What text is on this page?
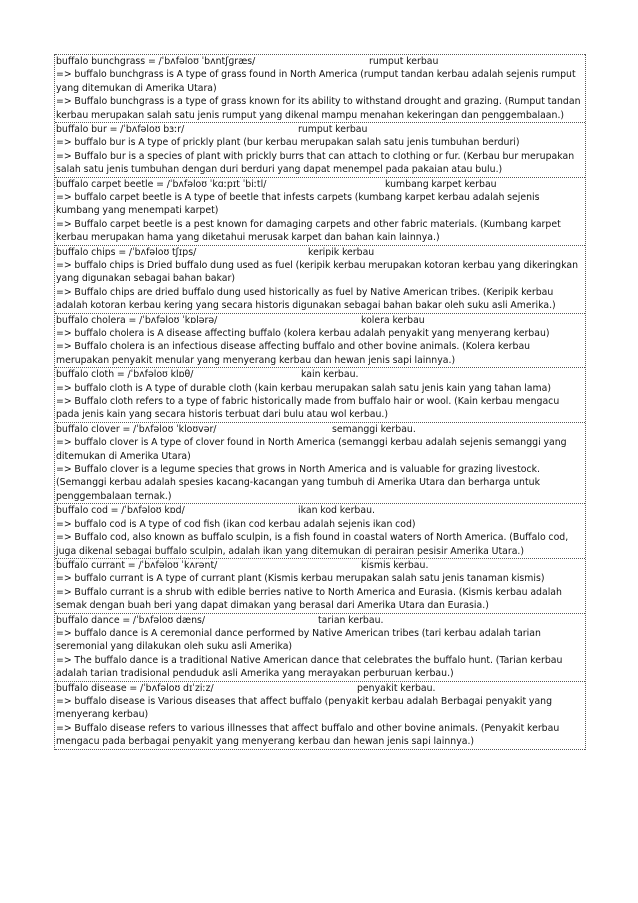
buffalo bunchgrass = /ˈbʌfəloʊ ˈbʌntʃɡræs/	rumput kerbau
=> buffalo bunchgrass is A type of grass found in North America (rumput tandan kerbau adalah sejenis rumput yang ditemukan di Amerika Utara)
=> Buffalo bunchgrass is a type of grass known for its ability to withstand drought and grazing. (Rumput tandan kerbau merupakan salah satu jenis rumput yang dikenal mampu menahan kekeringan dan penggembalaan.)
buffalo bur = /ˈbʌfəloʊ bɜːr/	rumput kerbau
=> buffalo bur is A type of prickly plant (bur kerbau merupakan salah satu jenis tumbuhan berduri)
=> Buffalo bur is a species of plant with prickly burrs that can attach to clothing or fur. (Kerbau bur merupakan salah satu jenis tumbuhan dengan duri berduri yang dapat menempel pada pakaian atau bulu.)
buffalo carpet beetle = /ˈbʌfəloʊ ˈkɑːpɪt ˈbiːtl/	kumbang karpet kerbau
=> buffalo carpet beetle is A type of beetle that infests carpets (kumbang karpet kerbau adalah sejenis kumbang yang menempati karpet)
=> Buffalo carpet beetle is a pest known for damaging carpets and other fabric materials. (Kumbang karpet kerbau merupakan hama yang diketahui merusak karpet dan bahan kain lainnya.)
buffalo chips = /ˈbʌfəloʊ tʃɪps/	keripik kerbau
=> buffalo chips is Dried buffalo dung used as fuel (keripik kerbau merupakan kotoran kerbau yang dikeringkan yang digunakan sebagai bahan bakar)
=> Buffalo chips are dried buffalo dung used historically as fuel by Native American tribes. (Keripik kerbau adalah kotoran kerbau kering yang secara historis digunakan sebagai bahan bakar oleh suku asli Amerika.)
buffalo cholera = /ˈbʌfəloʊ ˈkɒlərə/	kolera kerbau
=> buffalo cholera is A disease affecting buffalo (kolera kerbau adalah penyakit yang menyerang kerbau)
=> Buffalo cholera is an infectious disease affecting buffalo and other bovine animals. (Kolera kerbau merupakan penyakit menular yang menyerang kerbau dan hewan jenis sapi lainnya.)
buffalo cloth = /ˈbʌfəloʊ klɒθ/	kain kerbau.
=> buffalo cloth is A type of durable cloth (kain kerbau merupakan salah satu jenis kain yang tahan lama)
=> Buffalo cloth refers to a type of fabric historically made from buffalo hair or wool. (Kain kerbau mengacu pada jenis kain yang secara historis terbuat dari bulu atau wol kerbau.)
buffalo clover = /ˈbʌfəloʊ ˈkloʊvər/	semanggi kerbau.
=> buffalo clover is A type of clover found in North America (semanggi kerbau adalah sejenis semanggi yang ditemukan di Amerika Utara)
=> Buffalo clover is a legume species that grows in North America and is valuable for grazing livestock. (Semanggi kerbau adalah spesies kacang-kacangan yang tumbuh di Amerika Utara dan berharga untuk penggembalaan ternak.)
buffalo cod = /ˈbʌfəloʊ kɒd/	ikan kod kerbau.
=> buffalo cod is A type of cod fish (ikan cod kerbau adalah sejenis ikan cod)
=> Buffalo cod, also known as buffalo sculpin, is a fish found in coastal waters of North America. (Buffalo cod, juga dikenal sebagai buffalo sculpin, adalah ikan yang ditemukan di perairan pesisir Amerika Utara.)
buffalo currant = /ˈbʌfəloʊ ˈkʌrənt/	kismis kerbau.
=> buffalo currant is A type of currant plant (Kismis kerbau merupakan salah satu jenis tanaman kismis)
=> Buffalo currant is a shrub with edible berries native to North America and Eurasia. (Kismis kerbau adalah semak dengan buah beri yang dapat dimakan yang berasal dari Amerika Utara dan Eurasia.)
buffalo dance = /ˈbʌfəloʊ dæns/	tarian kerbau.
=> buffalo dance is A ceremonial dance performed by Native American tribes (tari kerbau adalah tarian seremonial yang dilakukan oleh suku asli Amerika)
=> The buffalo dance is a traditional Native American dance that celebrates the buffalo hunt. (Tarian kerbau adalah tarian tradisional penduduk asli Amerika yang merayakan perburuan kerbau.)
buffalo disease = /ˈbʌfəloʊ dɪˈziːz/	penyakit kerbau.
=> buffalo disease is Various diseases that affect buffalo (penyakit kerbau adalah Berbagai penyakit yang menyerang kerbau)
=> Buffalo disease refers to various illnesses that affect buffalo and other bovine animals. (Penyakit kerbau mengacu pada berbagai penyakit yang menyerang kerbau dan hewan jenis sapi lainnya.)
